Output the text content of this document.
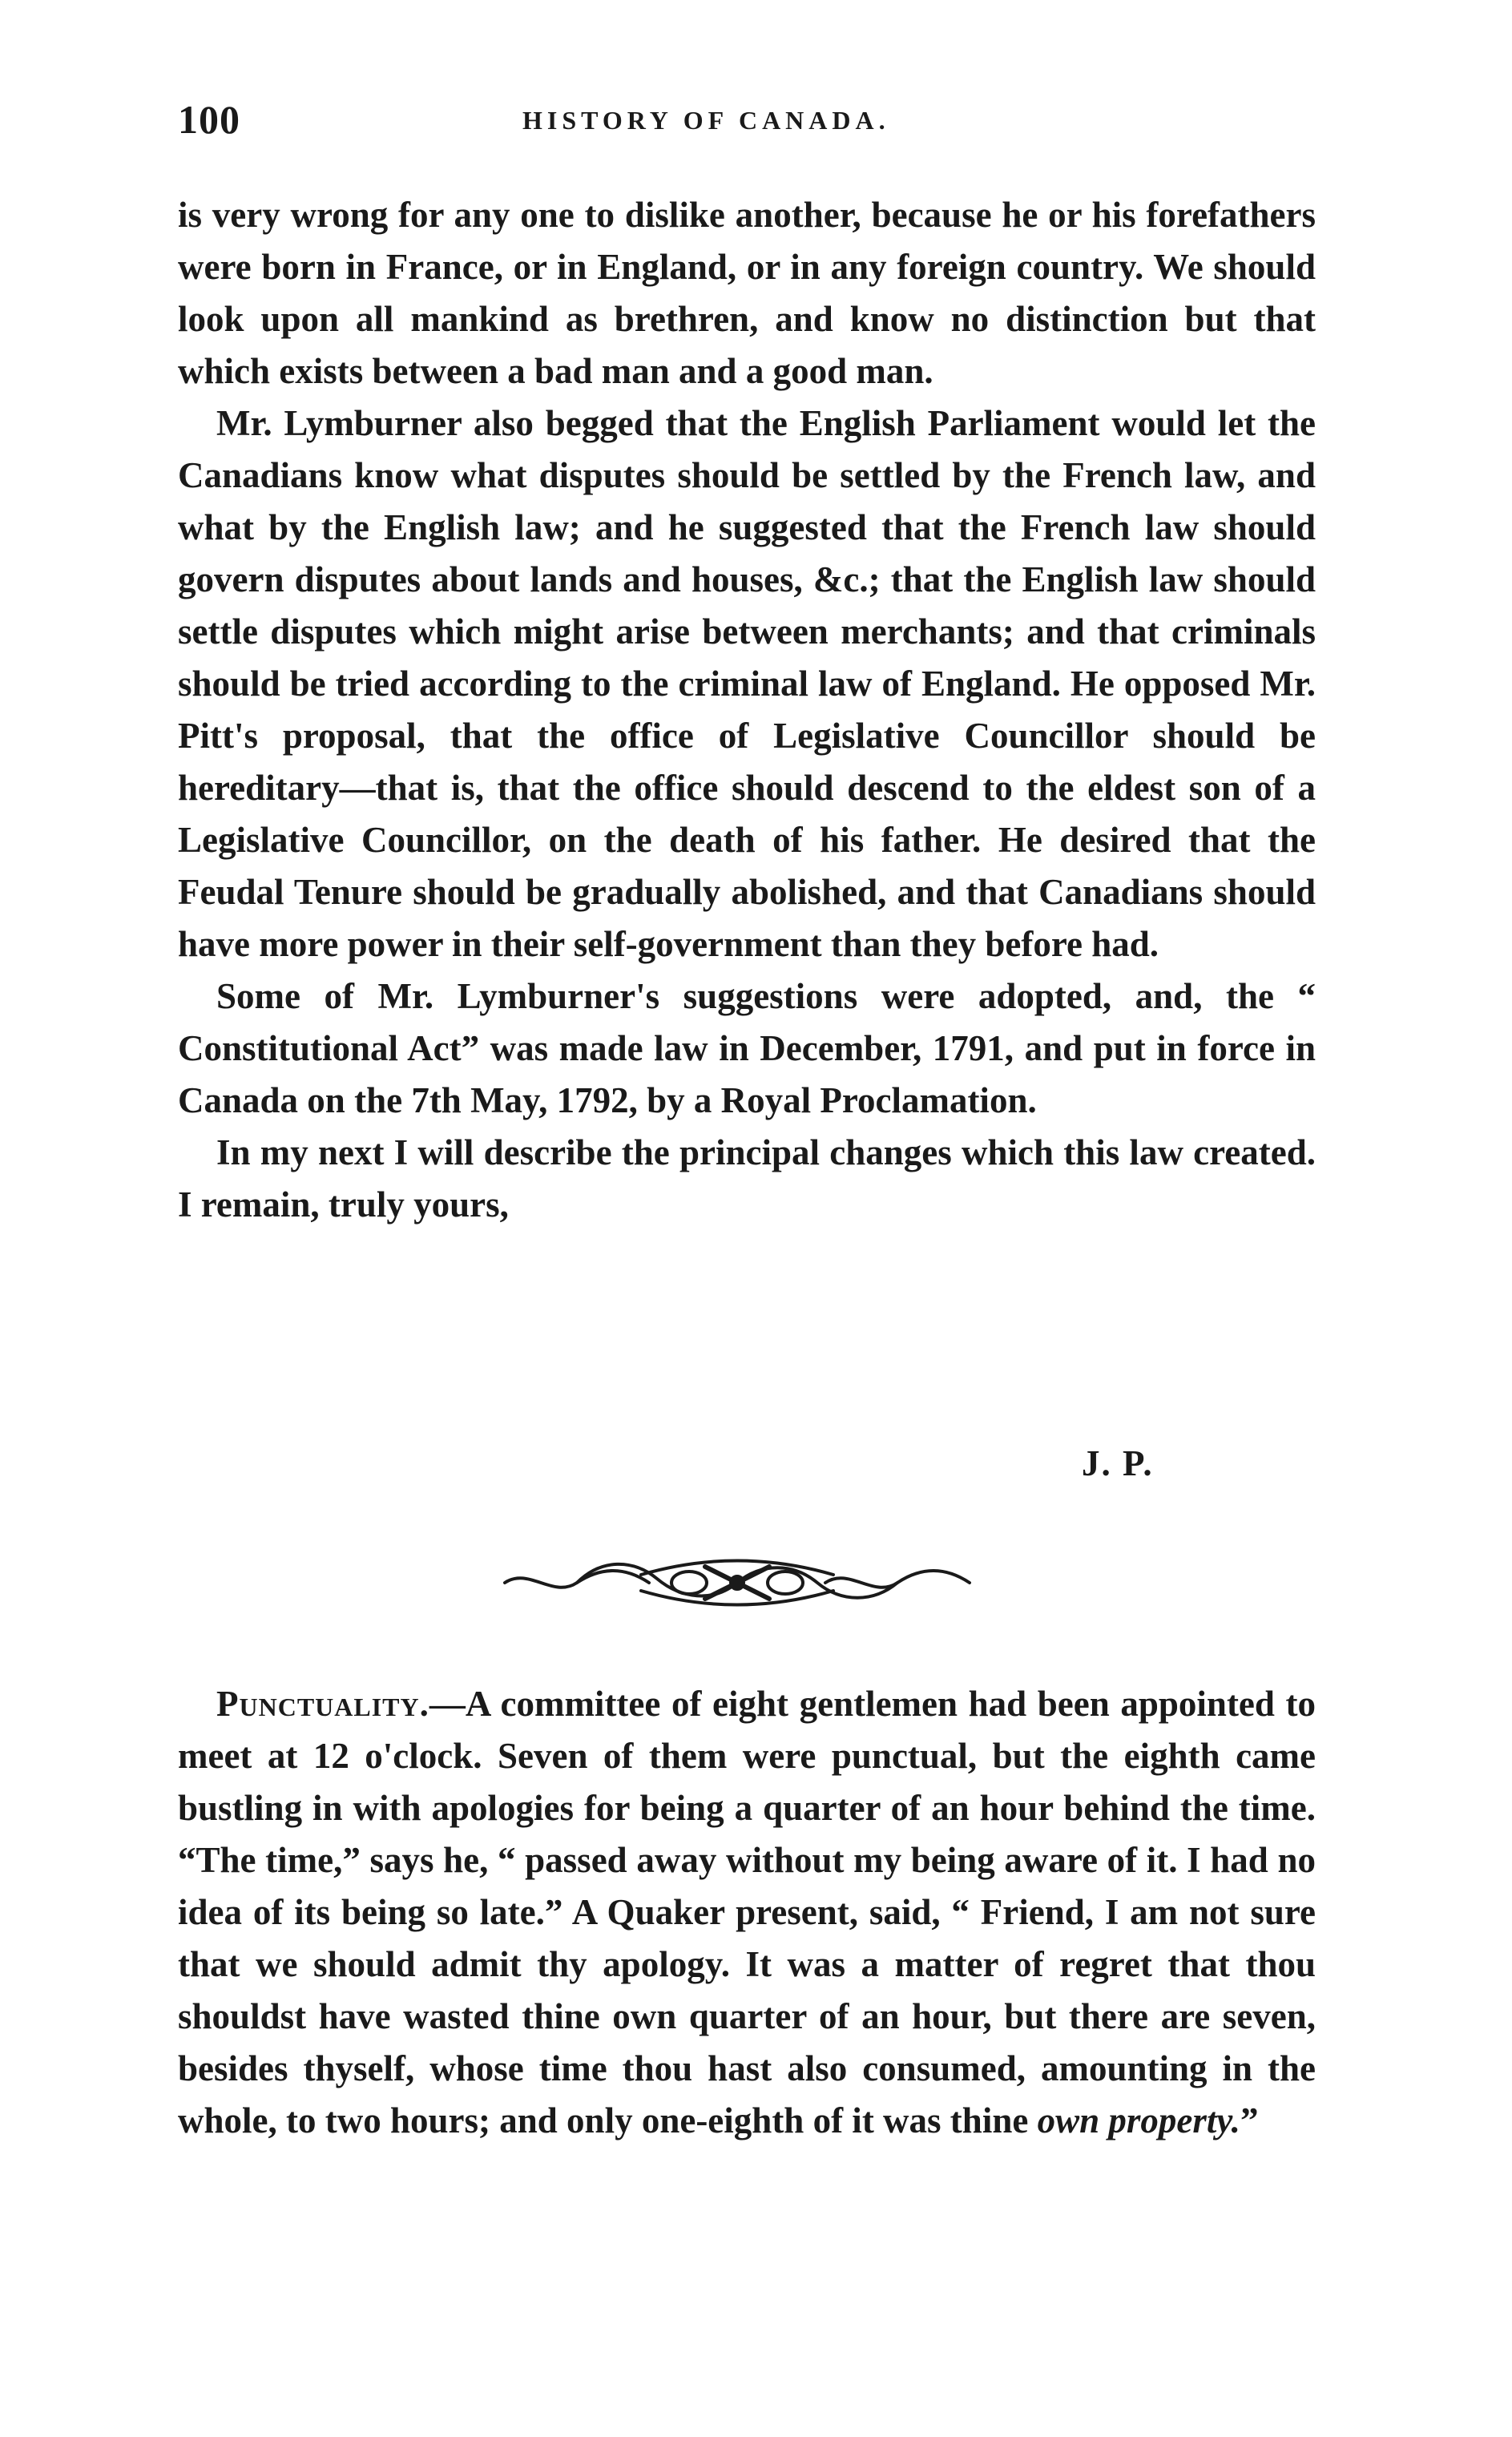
100	HISTORY OF CANADA.

is very wrong for any one to dislike another, because he or his forefathers were born in France, or in England, or in any foreign country. We should look upon all mankind as brethren, and know no distinction but that which exists between a bad man and a good man.

Mr. Lymburner also begged that the English Parliament would let the Canadians know what disputes should be settled by the French law, and what by the English law; and he suggested that the French law should govern disputes about lands and houses, &c.; that the English law should settle disputes which might arise between merchants; and that criminals should be tried according to the criminal law of England. He opposed Mr. Pitt's proposal, that the office of Legislative Councillor should be hereditary—that is, that the office should descend to the eldest son of a Legislative Councillor, on the death of his father. He desired that the Feudal Tenure should be gradually abolished, and that Canadians should have more power in their self-government than they before had.

Some of Mr. Lymburner's suggestions were adopted, and, the “ Constitutional Act” was made law in December, 1791, and put in force in Canada on the 7th May, 1792, by a Royal Proclamation.

In my next I will describe the principal changes which this law created. I remain, truly yours,

J. P.

Punctuality.—A committee of eight gentlemen had been appointed to meet at 12 o'clock. Seven of them were punctual, but the eighth came bustling in with apologies for being a quarter of an hour behind the time. “The time,” says he, “ passed away without my being aware of it. I had no idea of its being so late.” A Quaker present, said, “ Friend, I am not sure that we should admit thy apology. It was a matter of regret that thou shouldst have wasted thine own quarter of an hour, but there are seven, besides thyself, whose time thou hast also consumed, amounting in the whole, to two hours; and only one-eighth of it was thine own property.”
